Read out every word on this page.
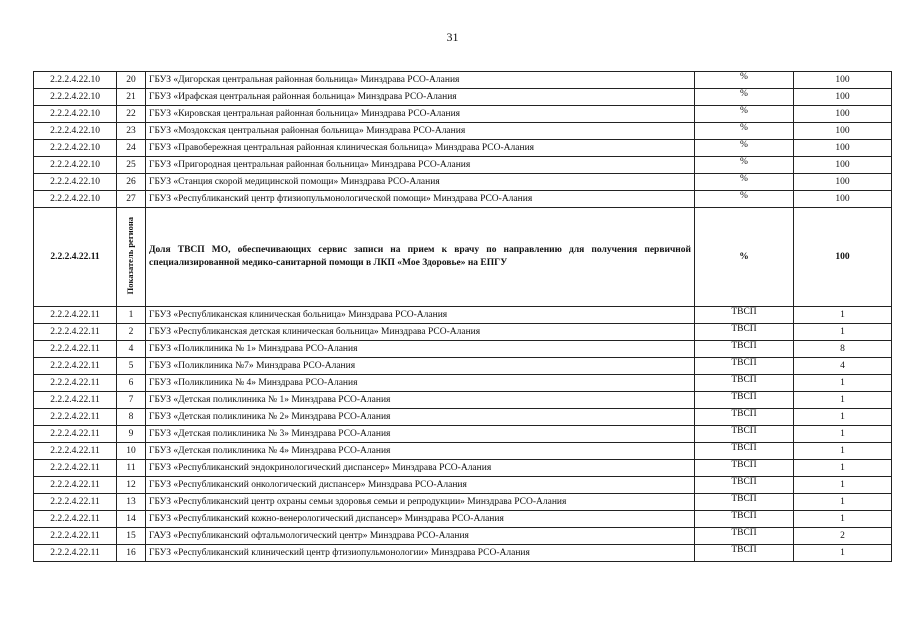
31
2.2.2.4.22.10	20	ГБУЗ «Дигорская центральная районная больница» Минздрава РСО-Алания	%	100
2.2.2.4.22.10	21	ГБУЗ «Ирафская центральная районная больница» Минздрава РСО-Алания	%	100
2.2.2.4.22.10	22	ГБУЗ «Кировская центральная районная больница» Минздрава РСО-Алания	%	100
2.2.2.4.22.10	23	ГБУЗ «Моздокская центральная районная больница» Минздрава РСО-Алания	%	100
2.2.2.4.22.10	24	ГБУЗ «Правобережная центральная районная клиническая больница» Минздрава РСО-Алания	%	100
2.2.2.4.22.10	25	ГБУЗ «Пригородная центральная районная больница» Минздрава РСО-Алания	%	100
2.2.2.4.22.10	26	ГБУЗ «Станция скорой медицинской помощи» Минздрава РСО-Алания	%	100
2.2.2.4.22.10	27	ГБУЗ «Республиканский центр фтизиопульмонологической помощи» Минздрава РСО-Алания	%	100
2.2.2.4.22.11	Показатель региона	Доля ТВСП МО, обеспечивающих сервис записи на прием к врачу по направлению для получения первичной специализированной медико-санитарной помощи в ЛКП «Мое Здоровье» на ЕПГУ	%	100
2.2.2.4.22.11	1	ГБУЗ «Республиканская клиническая больница» Минздрава РСО-Алания	ТВСП	1
2.2.2.4.22.11	2	ГБУЗ «Республиканская детская клиническая больница» Минздрава РСО-Алания	ТВСП	1
2.2.2.4.22.11	4	ГБУЗ «Поликлиника № 1» Минздрава РСО-Алания	ТВСП	8
2.2.2.4.22.11	5	ГБУЗ «Поликлиника №7» Минздрава РСО-Алания	ТВСП	4
2.2.2.4.22.11	6	ГБУЗ «Поликлиника № 4» Минздрава РСО-Алания	ТВСП	1
2.2.2.4.22.11	7	ГБУЗ «Детская поликлиника № 1» Минздрава РСО-Алания	ТВСП	1
2.2.2.4.22.11	8	ГБУЗ «Детская поликлиника № 2» Минздрава РСО-Алания	ТВСП	1
2.2.2.4.22.11	9	ГБУЗ «Детская поликлиника № 3» Минздрава РСО-Алания	ТВСП	1
2.2.2.4.22.11	10	ГБУЗ «Детская поликлиника № 4» Минздрава РСО-Алания	ТВСП	1
2.2.2.4.22.11	11	ГБУЗ «Республиканский эндокринологический диспансер» Минздрава РСО-Алания	ТВСП	1
2.2.2.4.22.11	12	ГБУЗ «Республиканский онкологический диспансер» Минздрава РСО-Алания	ТВСП	1
2.2.2.4.22.11	13	ГБУЗ «Республиканский центр охраны семьи здоровья семьи и репродукции» Минздрава РСО-Алания	ТВСП	1
2.2.2.4.22.11	14	ГБУЗ «Республиканский кожно-венерологический диспансер» Минздрава РСО-Алания	ТВСП	1
2.2.2.4.22.11	15	ГАУЗ «Республиканский офтальмологический центр» Минздрава РСО-Алания	ТВСП	2
2.2.2.4.22.11	16	ГБУЗ «Республиканский клинический центр фтизиопульмонологии» Минздрава РСО-Алания	ТВСП	1
